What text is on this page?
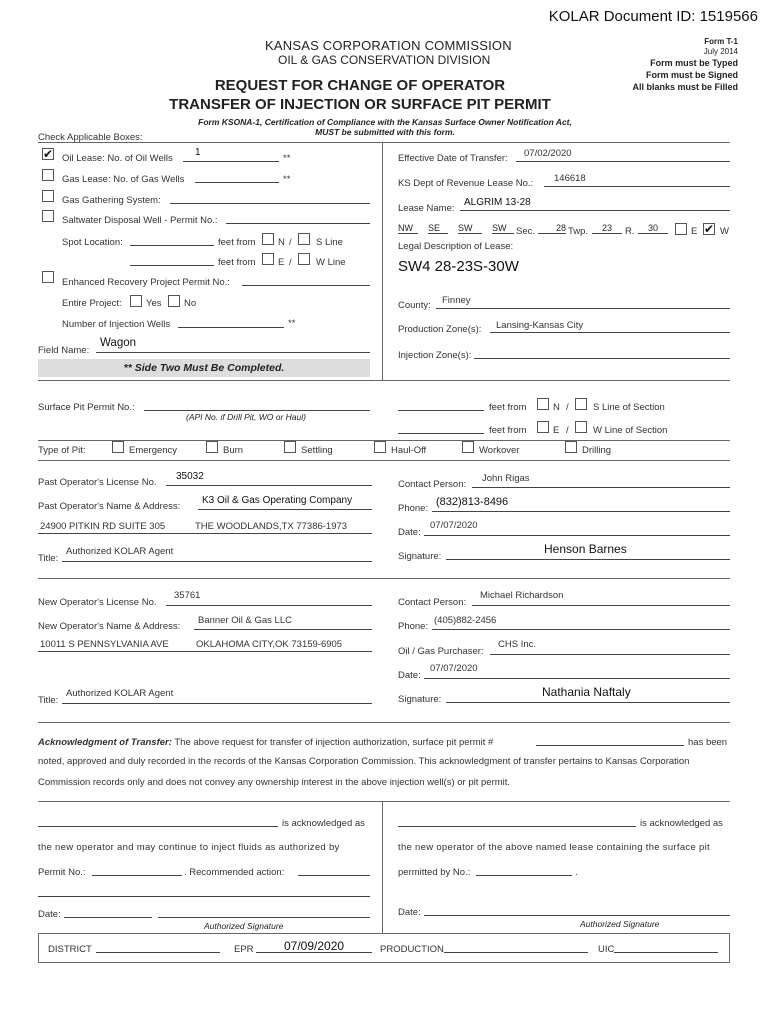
KOLAR Document ID: 1519566
KANSAS CORPORATION COMMISSION
OIL & GAS CONSERVATION DIVISION
Form T-1
July 2014
Form must be Typed
Form must be Signed
All blanks must be Filled
REQUEST FOR CHANGE OF OPERATOR
TRANSFER OF INJECTION OR SURFACE PIT PERMIT
Form KSONA-1, Certification of Compliance with the Kansas Surface Owner Notification Act,
MUST be submitted with this form.
Check Applicable Boxes:
✔ Oil Lease: No. of Oil Wells
1
**
Gas Lease: No. of Gas Wells	**
Gas Gathering System:
Saltwater Disposal Well - Permit No.:
Spot Location:	feet from N /	S Line
feet from E /	W Line
Enhanced Recovery Project Permit No.:
Entire Project:	Yes No
Number of Injection Wells	**
Field Name:
Wagon
** Side Two Must Be Completed.
Effective Date of Transfer: 07/02/2020
KS Dept of Revenue Lease No.: 146618
Lease Name:
ALGRIM 13-28
NW	SE	SW	SW	Sec.	28 Twp.	23	R.	30	E ✔ W
Legal Description of Lease:
SW4 28-23S-30W
County: Finney
Production Zone(s): Lansing-Kansas City
Injection Zone(s):
Surface Pit Permit No.:
(API No. if Drill Pit, WO or Haul)
feet from	N /	S Line of Section
feet from	E /	W Line of Section
Type of Pit:	Emergency	Burn	Settling	Haul-Off	Workover	Drilling
Past Operator's License No.
35032
Past Operator's Name & Address:
K3 Oil & Gas Operating Company
24900 PITKIN RD SUITE 305	THE WOODLANDS,TX 77386-1973
Title:
Authorized KOLAR Agent
Contact Person:
John Rigas
Phone:
(832)813-8496
Date:
07/07/2020
Signature:
Henson Barnes
New Operator's License No.
35761
New Operator's Name & Address:
Banner Oil & Gas LLC
10011 S PENNSYLVANIA AVE	OKLAHOMA CITY,OK 73159-6905
Title:
Authorized KOLAR Agent
Contact Person:
Michael Richardson
Phone:
(405)882-2456
Oil / Gas Purchaser:
CHS Inc.
Date:
07/07/2020
Signature:
Nathania Naftaly
Acknowledgment of Transfer: The above request for transfer of injection authorization, surface pit permit #	has been
noted, approved and duly recorded in the records of the Kansas Corporation Commission. This acknowledgment of transfer pertains to Kansas Corporation
Commission records only and does not convey any ownership interest in the above injection well(s) or pit permit.
is acknowledged as
the new operator and may continue to inject fluids as authorized by
Permit No.:	. Recommended action:
Date:
Authorized Signature
is acknowledged as
the new operator of the above named lease containing the surface pit
permitted by No.:	.
Date:
Authorized Signature
DISTRICT	EPR	07/09/2020	PRODUCTION	UIC
